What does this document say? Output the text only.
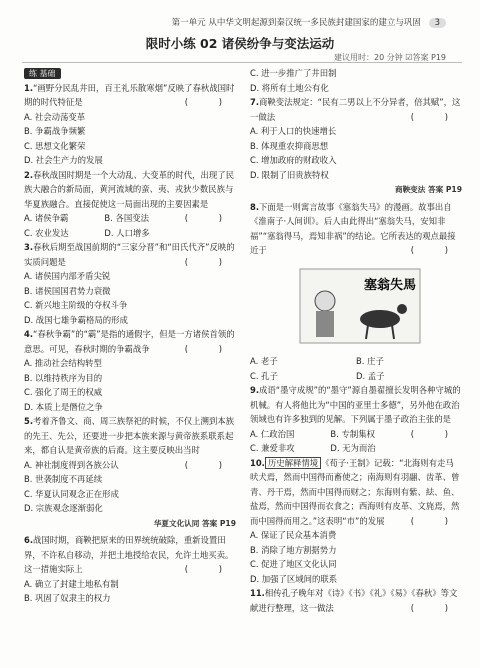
第一单元 从中华文明起源到秦汉统一多民族封建国家的建立与巩固 3
限时小练 02 诸侯纷争与变法运动
建议用时：20 分钟 ☑答案 P19
练 基础
1.“画野分民乱井田，百王礼乐散寒烟”反映了春秋战国时期的时代特征是	( )
A. 社会动荡变革
B. 争霸战争频繁
C. 思想文化繁荣
D. 社会生产力的发展
2.春秋战国时期是一个大动乱、大变革的时代，出现了民族大融合的新局面，黄河流域的蛮、夷、戎狄少数民族与华夏族融合。直接促使这一局面出现的主要因素是
( )
A. 诸侯争霸	B. 各国变法
C. 农业发达	D. 人口增多
3.春秋后期至战国前期的“三家分晋”和“田氏代齐”反映的实质问题是	( )
A. 诸侯国内部矛盾尖锐
B. 诸侯国国君势力衰微
C. 新兴地主阶级的夺权斗争
D. 战国七雄争霸格局的形成
4.“春秋争霸”的“霸”是指的通假字，但是一方诸侯首领的意思。可见，春秋时期的争霸战争	( )
A. 推动社会结构转型
B. 以维持秩序为目的
C. 强化了周王的权威
D. 本质上是僭位之争
5.考着齐鲁文、商、周三族祭祀的时候，不仅上溯到本族的先王、先公，还要进一步把本族来源与黄帝族系联系起来，都自认是黄帝族的后裔。这主要反映出当时
( )
A. 神社制度得到各族公认
B. 世袭制度不再延续
C. 华夏认同观念正在形成
D. 宗族观念逐渐弱化
华夏文化认同 答案 P19
6.战国时期，商鞅把原来的田界统统破除，重新设置田界，不许私自移动，并把土地授给农民，允许土地买卖。这一措施实际上	( )
A. 确立了封建土地私有制
B. 巩固了奴隶主的权力
C. 进一步推广了井田制
D. 将所有土地公有化
7.商鞅变法规定：“民有二男以上不分异者，倍其赋”，这一做法	( )
A. 利于人口的快速增长
B. 体现重农抑商思想
C. 增加政府的财政收入
D. 限制了旧贵族特权
商鞅变法 答案 P19
8.下面是一则寓言故事《塞翁失马》的漫画。故事出自《淮南子·人间训》。后人由此得出“塞翁失马，安知非福”“塞翁得马，焉知非祸”的结论。它所表达的观点最接近于	( )
塞翁失馬
A. 老子	B. 庄子
C. 孔子	D. 孟子
9.成语“墨守成规”的“墨守”源自墨翟擅长发明各种守城的机械。有人将他比为“中国的亚里士多德”，另外他在政治领域也有许多独到的见解。下列属于墨子政治主张的是
( )
A. 仁政治国	B. 专制集权
C. 兼爱非攻	D. 无为而治
10. 历史解释情境 《荀子·王制》记载：“北海则有走马吠犬焉，然而中国得而畜使之；南海则有羽翮、齿革、曾青、丹干焉，然而中国得而财之；东海则有紫、紶、鱼、盐焉，然而中国得而衣食之；西海则有皮革、文旄焉，然而中国得而用之。”这表明“市”的发展	( )
A. 保证了民众基本消费
B. 消除了地方割据势力
C. 促进了地区文化认同
D. 加强了区域间的联系
11.相传孔子晚年对《诗》《书》《礼》《易》《春秋》等文献进行整理，这一做法	( )
